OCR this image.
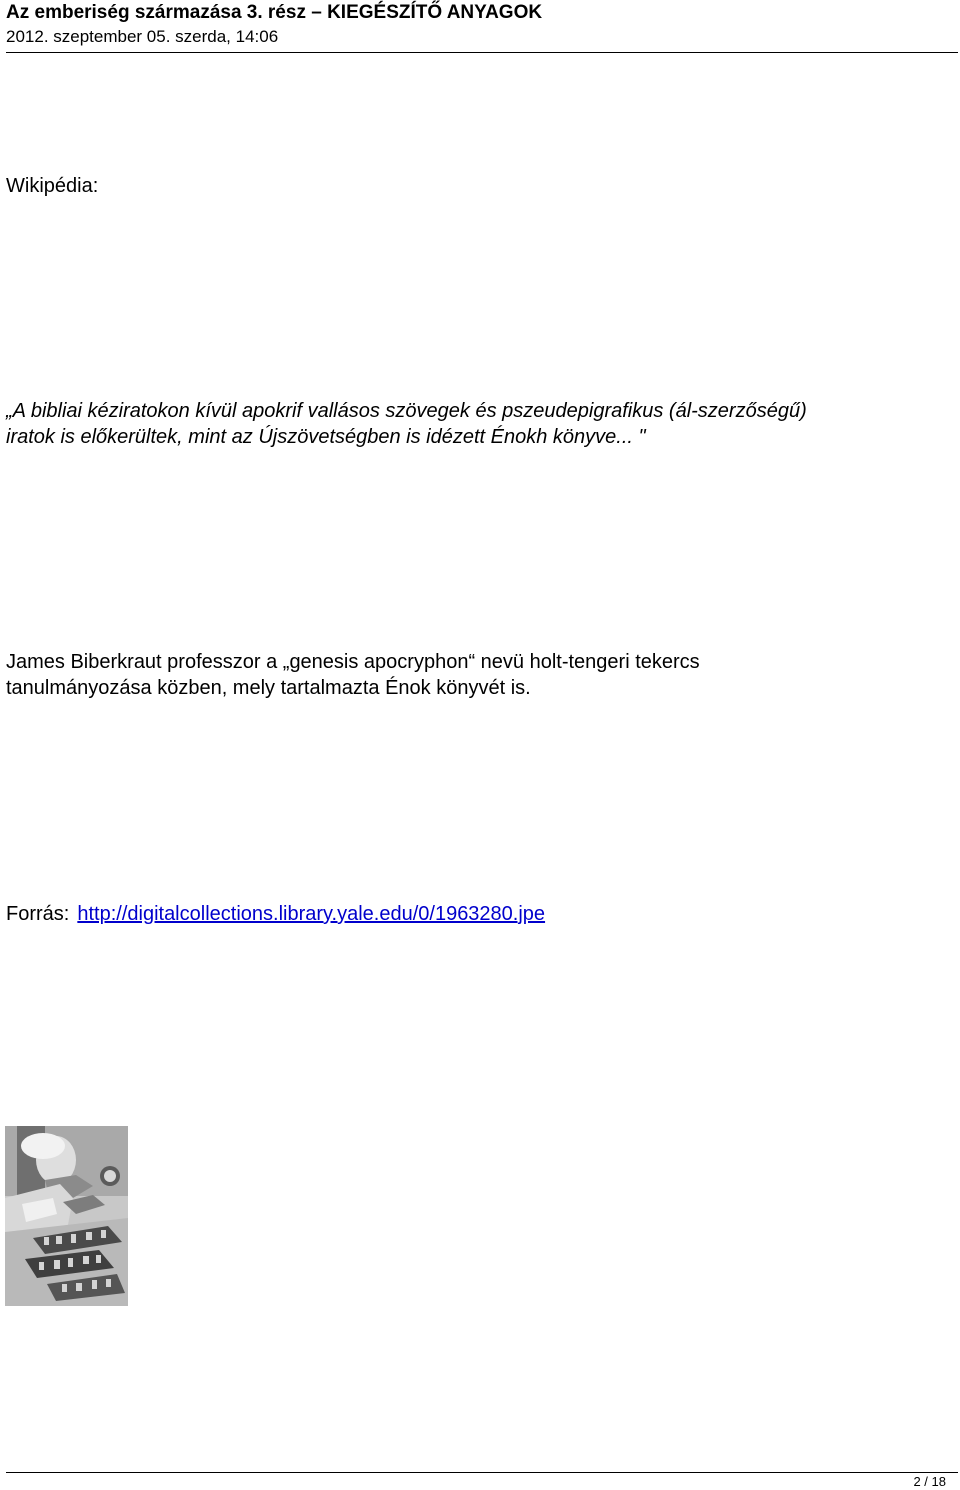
Az emberiség származása 3. rész – KIEGÉSZÍTŐ ANYAGOK
2012. szeptember 05. szerda, 14:06
Wikipédia:
„A bibliai kéziratokon kívül apokrif vallásos szövegek és pszeudepigrafikus (ál-szerzőségű)
iratok is előkerültek, mint az Újszövetségben is idézett Énokh könyve... "
James Biberkraut professzor a „genesis apocryphon“ nevü holt-tengeri tekercs
tanulmányozása közben, mely tartalmazta Énok könyvét is.
Forrás: http://digitalcollections.library.yale.edu/0/1963280.jpe
2 / 18
